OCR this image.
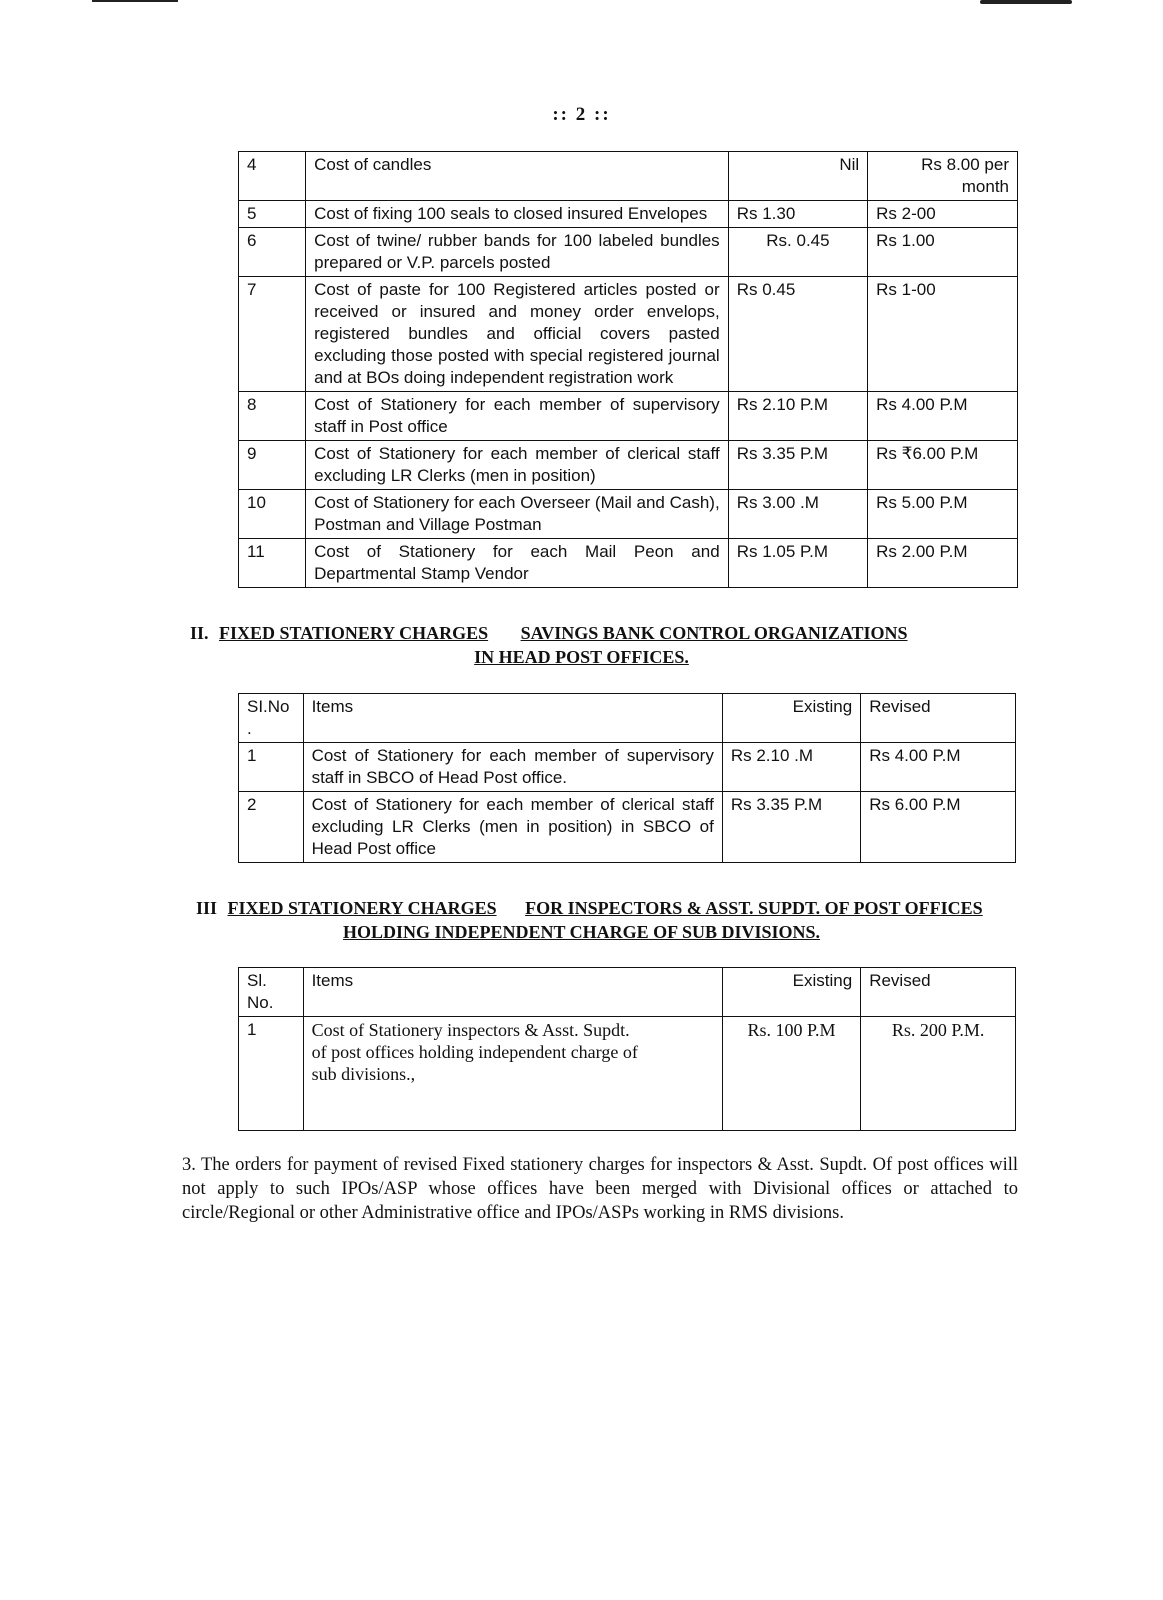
:: 2 ::
4	Cost of candles	Nil	Rs 8.00 per month
5	Cost of fixing 100 seals to closed insured Envelopes	Rs 1.30	Rs 2-00
6	Cost of twine/ rubber bands for 100 labeled bundles prepared or V.P. parcels posted	Rs. 0.45	Rs 1.00
7	Cost of paste for 100 Registered articles posted or received or insured and money order envelops, registered bundles and official covers pasted excluding those posted with special registered journal and at BOs doing independent registration work	Rs 0.45	Rs 1-00
8	Cost of Stationery for each member of supervisory staff in Post office	Rs 2.10 P.M	Rs 4.00 P.M
9	Cost of Stationery for each member of clerical staff excluding LR Clerks (men in position)	Rs 3.35 P.M	Rs ₹6.00 P.M
10	Cost of Stationery for each Overseer (Mail and Cash), Postman and Village Postman	Rs 3.00 .M	Rs 5.00 P.M
11	Cost of Stationery for each Mail Peon and Departmental Stamp Vendor	Rs 1.05 P.M	Rs 2.00 P.M
II. FIXED STATIONERY CHARGES SAVINGS BANK CONTROL ORGANIZATIONS
IN HEAD POST OFFICES.
SI.No .	Items	Existing	Revised
1	Cost of Stationery for each member of supervisory staff in SBCO of Head Post office.	Rs 2.10 .M	Rs 4.00 P.M
2	Cost of Stationery for each member of clerical staff excluding LR Clerks (men in position) in SBCO of Head Post office	Rs 3.35 P.M	Rs 6.00 P.M
III FIXED STATIONERY CHARGES FOR INSPECTORS & ASST. SUPDT. OF POST OFFICES
HOLDING INDEPENDENT CHARGE OF SUB DIVISIONS.
Sl. No.	Items	Existing	Revised
1	Cost of Stationery inspectors & Asst. Supdt.
of post offices holding independent charge of sub divisions.,	Rs. 100 P.M	Rs. 200 P.M.
3. The orders for payment of revised Fixed stationery charges for inspectors & Asst. Supdt. Of post offices will not apply to such IPOs/ASP whose offices have been merged with Divisional offices or attached to circle/Regional or other Administrative office and IPOs/ASPs working in RMS divisions.
